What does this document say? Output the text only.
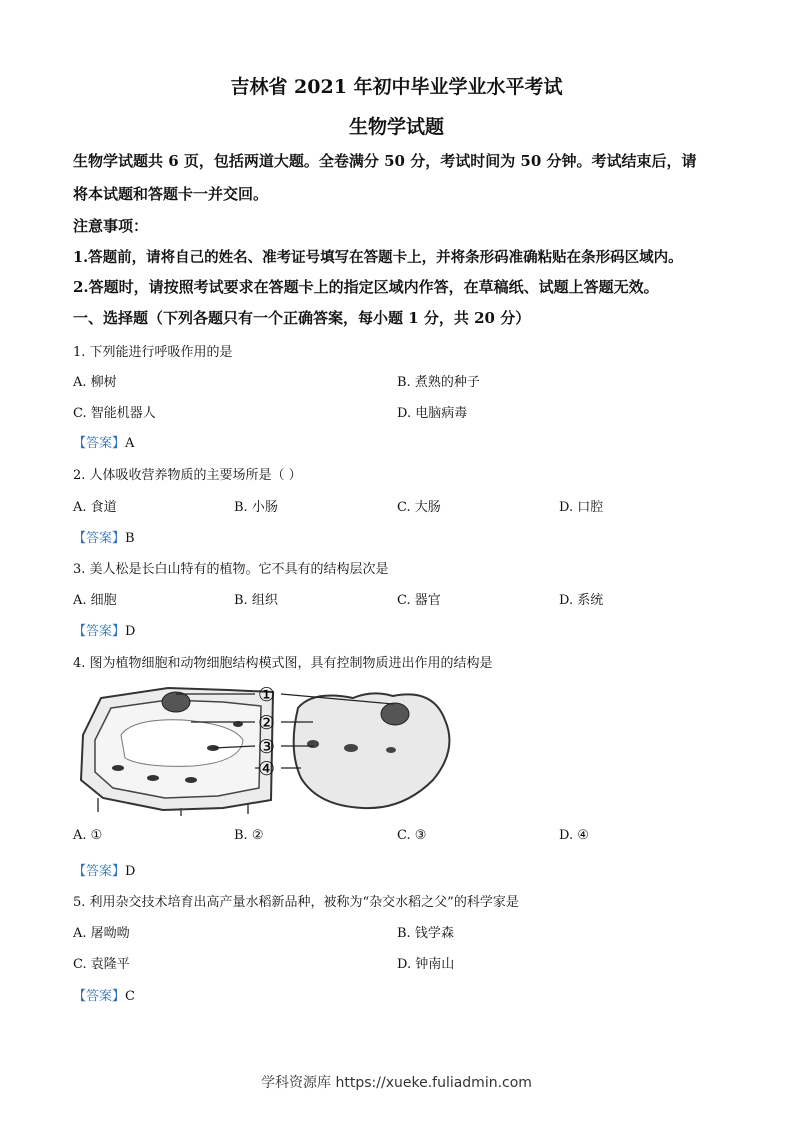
吉林省 2021 年初中毕业学业水平考试
生物学试题
生物学试题共 6 页，包括两道大题。全卷满分 50 分，考试时间为 50 分钟。考试结束后，请
将本试题和答题卡一并交回。
注意事项：
1.答题前，请将自己的姓名、准考证号填写在答题卡上，并将条形码准确粘贴在条形码区域内。
2.答题时，请按照考试要求在答题卡上的指定区域内作答，在草稿纸、试题上答题无效。
一、选择题（下列各题只有一个正确答案，每小题 1 分，共 20 分）
1. 下列能进行呼吸作用的是
A. 柳树	B. 煮熟的种子
C. 智能机器人	D. 电脑病毒
【答案】A
2. 人体吸收营养物质的主要场所是（ ）
A. 食道	B. 小肠	C. 大肠	D. 口腔
【答案】B
3. 美人松是长白山特有的植物。它不具有的结构层次是
A. 细胞	B. 组织	C. 器官	D. 系统
【答案】D
4. 图为植物细胞和动物细胞结构模式图，具有控制物质进出作用的结构是
①
②
③
④
A. ①	B. ②	C. ③	D. ④
【答案】D
5. 利用杂交技术培育出高产量水稻新品种，被称为“杂交水稻之父”的科学家是
A. 屠呦呦	B. 钱学森
C. 袁隆平	D. 钟南山
【答案】C
学科资源库 https://xueke.fuliadmin.com
